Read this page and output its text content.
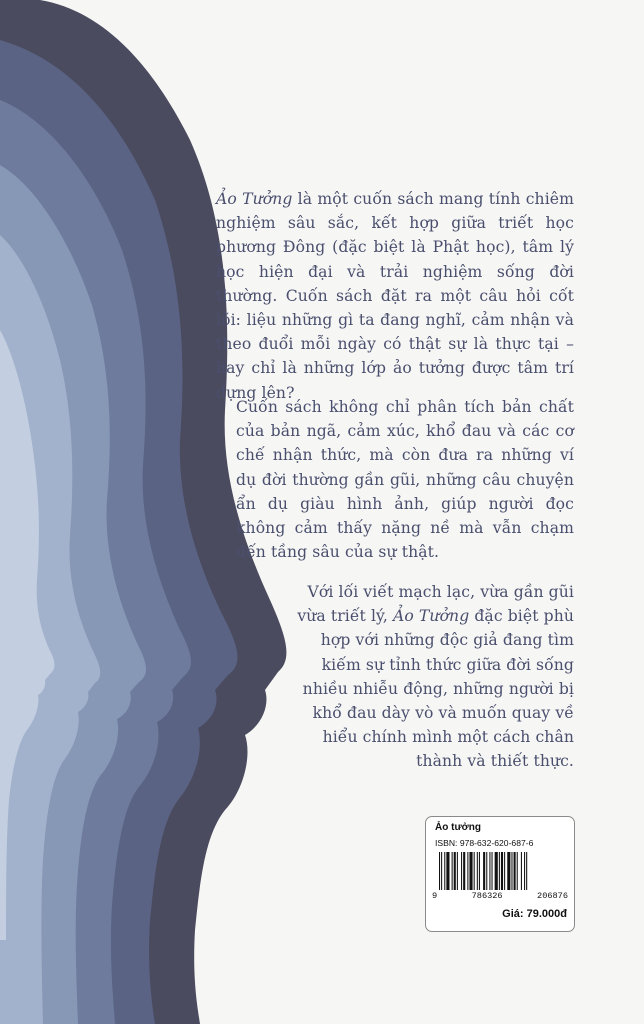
Ảo Tưởng là một cuốn sách mang tính chiêm nghiệm sâu sắc, kết hợp giữa triết học phương Đông (đặc biệt là Phật học), tâm lý học hiện đại và trải nghiệm sống đời thường. Cuốn sách đặt ra một câu hỏi cốt lõi: liệu những gì ta đang nghĩ, cảm nhận và theo đuổi mỗi ngày có thật sự là thực tại – hay chỉ là những lớp ảo tưởng được tâm trí dựng lên?

Cuốn sách không chỉ phân tích bản chất của bản ngã, cảm xúc, khổ đau và các cơ chế nhận thức, mà còn đưa ra những ví dụ đời thường gần gũi, những câu chuyện ẩn dụ giàu hình ảnh, giúp người đọc không cảm thấy nặng nề mà vẫn chạm đến tầng sâu của sự thật.

Với lối viết mạch lạc, vừa gần gũi vừa triết lý, Ảo Tưởng đặc biệt phù hợp với những độc giả đang tìm kiếm sự tỉnh thức giữa đời sống nhiều nhiễu động, những người bị khổ đau dày vò và muốn quay về hiểu chính mình một cách chân thành và thiết thực.

Ảo tưởng
ISBN: 978-632-620-687-6
9	786326	206876
Giá: 79.000đ
